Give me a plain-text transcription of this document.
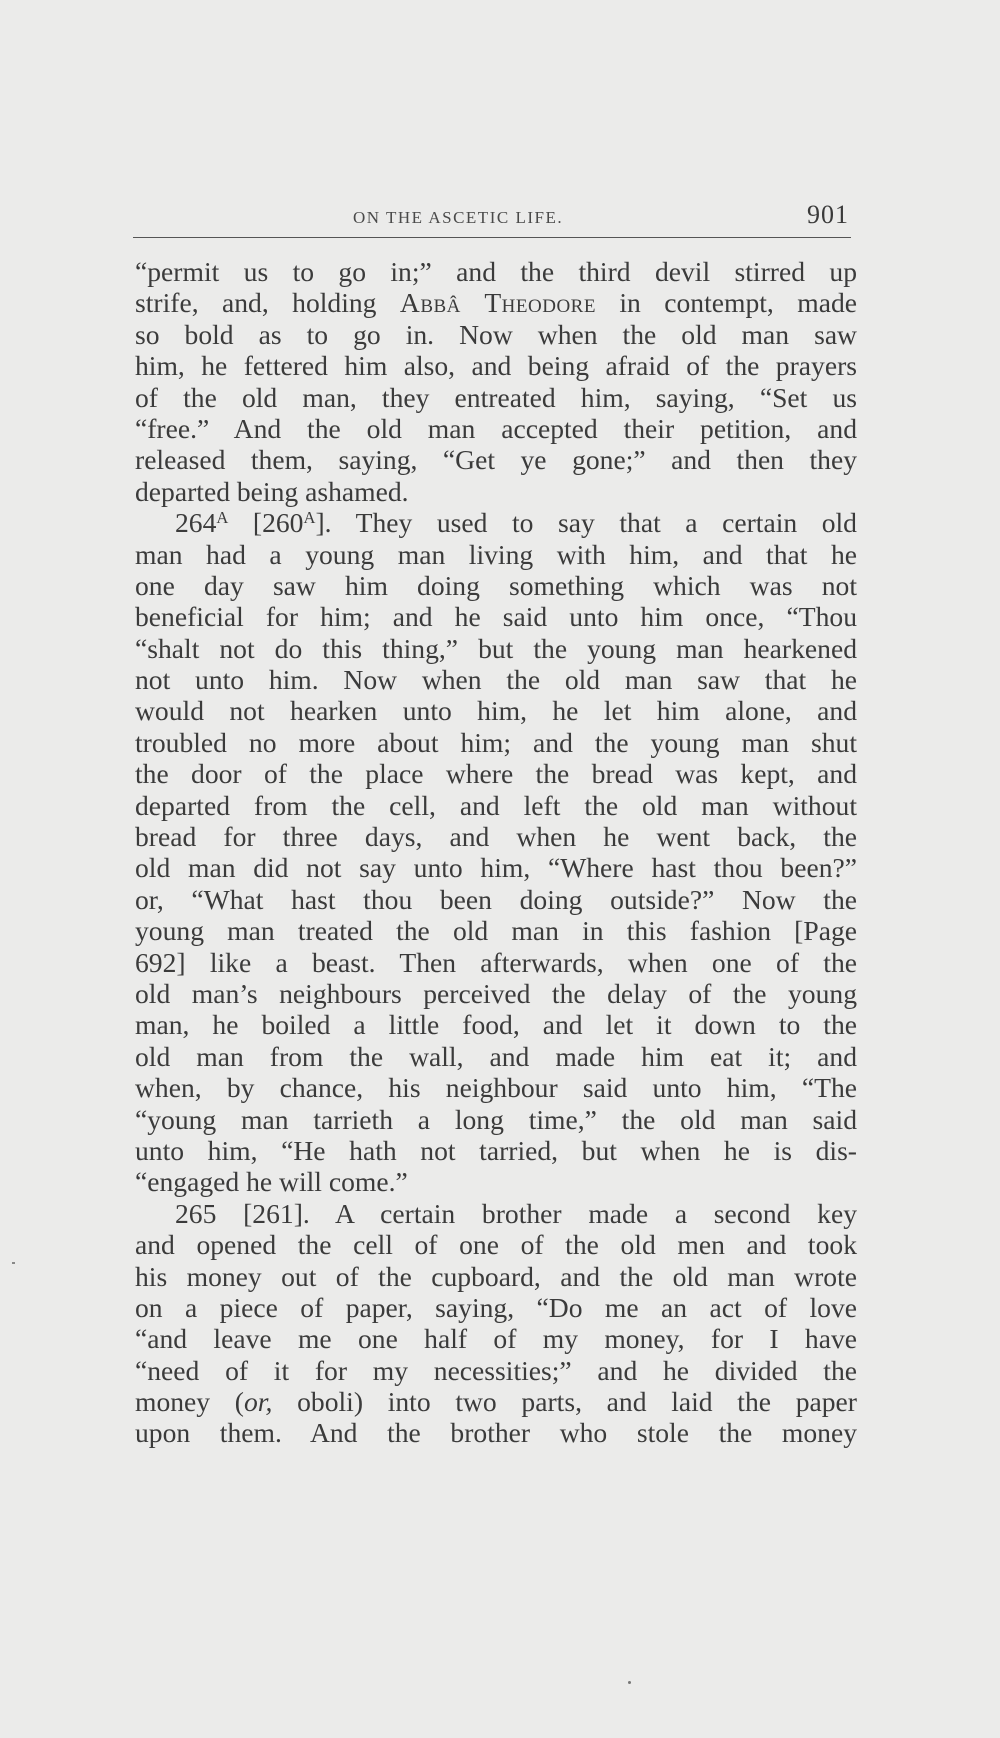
ON THE ASCETIC LIFE.	901
“permit us to go in;” and the third devil stirred up
strife, and, holding Abbâ Theodore in contempt, made
so bold as to go in. Now when the old man saw
him, he fettered him also, and being afraid of the prayers
of the old man, they entreated him, saying, “Set us
“free.” And the old man accepted their petition, and
released them, saying, “Get ye gone;” and then they
departed being ashamed.
$264^A$ $[260^A]$. They used to say that a certain old
man had a young man living with him, and that he
one day saw him doing something which was not
beneficial for him; and he said unto him once, “Thou
“shalt not do this thing,” but the young man hearkened
not unto him. Now when the old man saw that he
would not hearken unto him, he let him alone, and
troubled no more about him; and the young man shut
the door of the place where the bread was kept, and
departed from the cell, and left the old man without
bread for three days, and when he went back, the
old man did not say unto him, “Where hast thou been?”
or, “What hast thou been doing outside?” Now the
young man treated the old man in this fashion [Page
692] like a beast. Then afterwards, when one of the
old man’s neighbours perceived the delay of the young
man, he boiled a little food, and let it down to the
old man from the wall, and made him eat it; and
when, by chance, his neighbour said unto him, “The
“young man tarrieth a long time,” the old man said
unto him, “He hath not tarried, but when he is dis-
“engaged he will come.”
265 [261]. A certain brother made a second key
and opened the cell of one of the old men and took
his money out of the cupboard, and the old man wrote
on a piece of paper, saying, “Do me an act of love
“and leave me one half of my money, for I have
“need of it for my necessities;” and he divided the
money (or, oboli) into two parts, and laid the paper
upon them. And the brother who stole the money
